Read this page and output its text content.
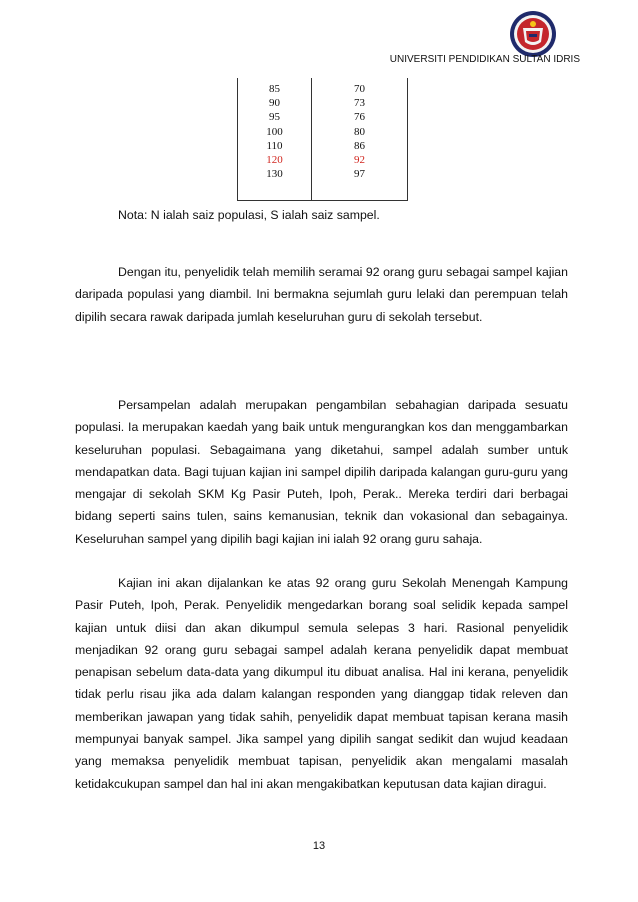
UNIVERSITI PENDIDIKAN SULTAN IDRIS
85
90
95
100
110
120
130
70
73
76
80
86
92
97
Nota: N ialah saiz populasi, S ialah saiz sampel.

Dengan itu, penyelidik telah memilih seramai 92 orang guru sebagai sampel kajian daripada populasi yang diambil. Ini bermakna sejumlah guru lelaki dan perempuan telah dipilih secara rawak daripada jumlah keseluruhan guru di sekolah tersebut.

Persampelan adalah merupakan pengambilan sebahagian daripada sesuatu populasi. Ia merupakan kaedah yang baik untuk mengurangkan kos dan menggambarkan keseluruhan populasi. Sebagaimana yang diketahui, sampel adalah sumber untuk mendapatkan data. Bagi tujuan kajian ini sampel dipilih daripada kalangan guru-guru yang mengajar di sekolah SKM Kg Pasir Puteh, Ipoh, Perak.. Mereka terdiri dari berbagai bidang seperti sains tulen, sains kemanusian, teknik dan vokasional dan sebagainya. Keseluruhan sampel yang dipilih bagi kajian ini ialah 92 orang guru sahaja.

Kajian ini akan dijalankan ke atas 92 orang guru Sekolah Menengah Kampung Pasir Puteh, Ipoh, Perak. Penyelidik mengedarkan borang soal selidik kepada sampel kajian untuk diisi dan akan dikumpul semula selepas 3 hari. Rasional penyelidik menjadikan 92 orang guru sebagai sampel adalah kerana penyelidik dapat membuat penapisan sebelum data-data yang dikumpul itu dibuat analisa. Hal ini kerana, penyelidik tidak perlu risau jika ada dalam kalangan responden yang dianggap tidak releven dan memberikan jawapan yang tidak sahih, penyelidik dapat membuat tapisan kerana masih mempunyai banyak sampel. Jika sampel yang dipilih sangat sedikit dan wujud keadaan yang memaksa penyelidik membuat tapisan, penyelidik akan mengalami masalah ketidakcukupan sampel dan hal ini akan mengakibatkan keputusan data kajian diragui.

13
